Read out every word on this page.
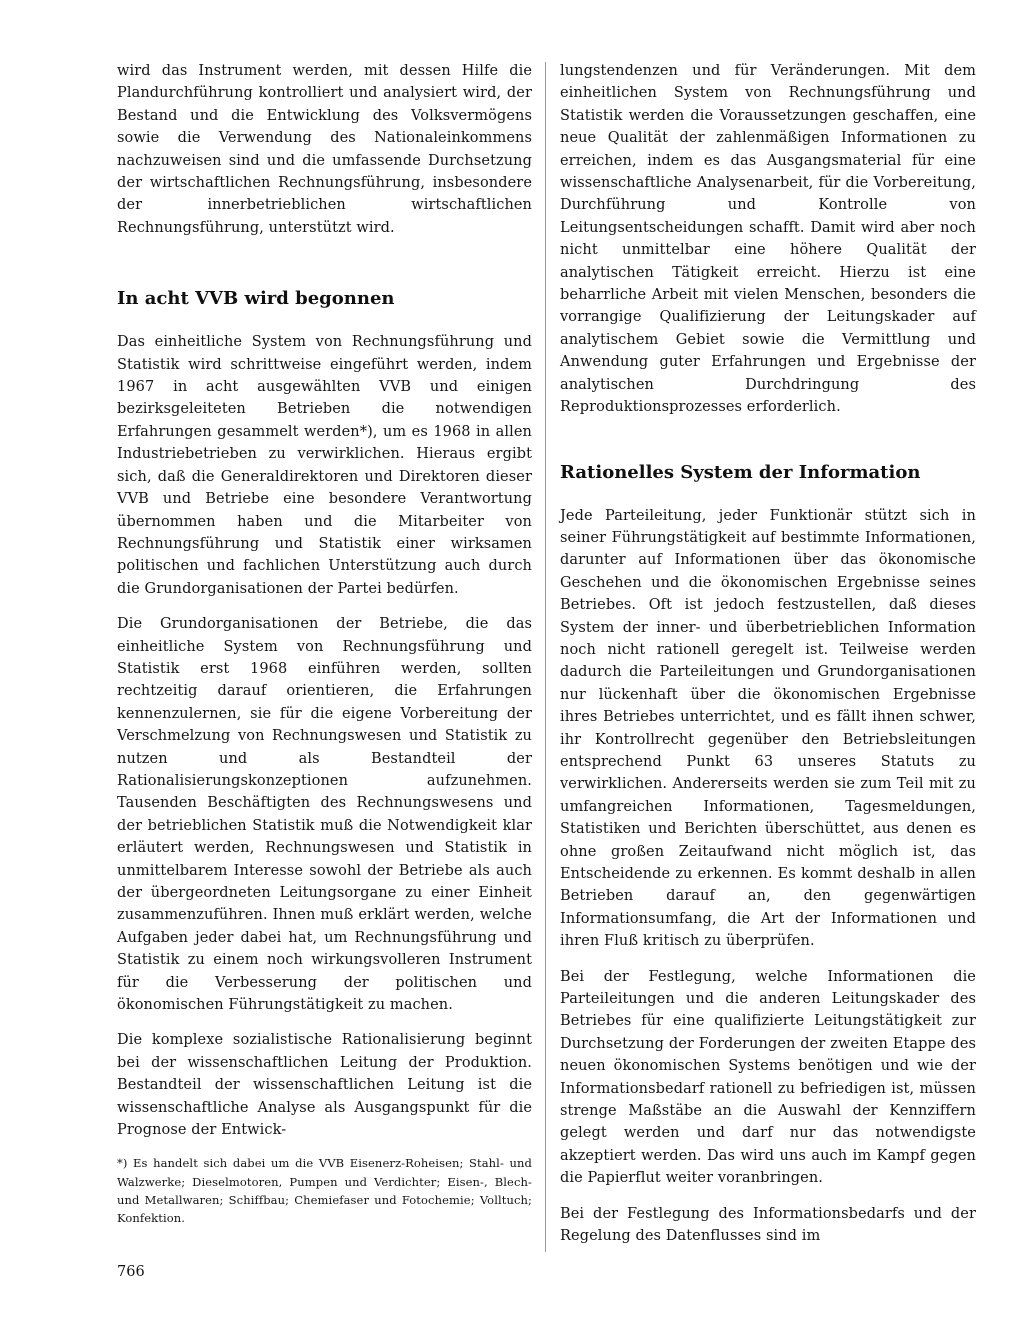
wird das Instrument werden, mit dessen Hilfe die Plandurchführung kontrolliert und analysiert wird, der Bestand und die Entwicklung des Volksvermögens sowie die Verwendung des Nationaleinkommens nachzuweisen sind und die umfassende Durchsetzung der wirtschaftlichen Rechnungsführung, insbesondere der innerbetrieblichen wirtschaftlichen Rechnungsführung, unterstützt wird.

In acht VVB wird begonnen

Das einheitliche System von Rechnungsführung und Statistik wird schrittweise eingeführt werden, indem 1967 in acht ausgewählten VVB und einigen bezirksgeleiteten Betrieben die notwendigen Erfahrungen gesammelt werden*), um es 1968 in allen Industriebetrieben zu verwirklichen. Hieraus ergibt sich, daß die Generaldirektoren und Direktoren dieser VVB und Betriebe eine besondere Verantwortung übernommen haben und die Mitarbeiter von Rechnungsführung und Statistik einer wirksamen politischen und fachlichen Unterstützung auch durch die Grundorganisationen der Partei bedürfen.

Die Grundorganisationen der Betriebe, die das einheitliche System von Rechnungsführung und Statistik erst 1968 einführen werden, sollten rechtzeitig darauf orientieren, die Erfahrungen kennenzulernen, sie für die eigene Vorbereitung der Verschmelzung von Rechnungswesen und Statistik zu nutzen und als Bestandteil der Rationalisierungskonzeptionen aufzunehmen. Tausenden Beschäftigten des Rechnungswesens und der betrieblichen Statistik muß die Notwendigkeit klar erläutert werden, Rechnungswesen und Statistik in unmittelbarem Interesse sowohl der Betriebe als auch der übergeordneten Leitungsorgane zu einer Einheit zusammenzuführen. Ihnen muß erklärt werden, welche Aufgaben jeder dabei hat, um Rechnungsführung und Statistik zu einem noch wirkungsvolleren Instrument für die Verbesserung der politischen und ökonomischen Führungstätigkeit zu machen.

Die komplexe sozialistische Rationalisierung beginnt bei der wissenschaftlichen Leitung der Produktion. Bestandteil der wissenschaftlichen Leitung ist die wissenschaftliche Analyse als Ausgangspunkt für die Prognose der Entwick-

*) Es handelt sich dabei um die VVB Eisenerz-Roheisen; Stahl- und Walzwerke; Dieselmotoren, Pumpen und Verdichter; Eisen-, Blech- und Metallwaren; Schiffbau; Chemiefaser und Fotochemie; Volltuch; Konfektion.

lungstendenzen und für Veränderungen. Mit dem einheitlichen System von Rechnungsführung und Statistik werden die Voraussetzungen geschaffen, eine neue Qualität der zahlenmäßigen Informationen zu erreichen, indem es das Ausgangsmaterial für eine wissenschaftliche Analysenarbeit, für die Vorbereitung, Durchführung und Kontrolle von Leitungsentscheidungen schafft. Damit wird aber noch nicht unmittelbar eine höhere Qualität der analytischen Tätigkeit erreicht. Hierzu ist eine beharrliche Arbeit mit vielen Menschen, besonders die vorrangige Qualifizierung der Leitungskader auf analytischem Gebiet sowie die Vermittlung und Anwendung guter Erfahrungen und Ergebnisse der analytischen Durchdringung des Reproduktionsprozesses erforderlich.

Rationelles System der Information

Jede Parteileitung, jeder Funktionär stützt sich in seiner Führungstätigkeit auf bestimmte Informationen, darunter auf Informationen über das ökonomische Geschehen und die ökonomischen Ergebnisse seines Betriebes. Oft ist jedoch festzustellen, daß dieses System der inner- und überbetrieblichen Information noch nicht rationell geregelt ist. Teilweise werden dadurch die Parteileitungen und Grundorganisationen nur lückenhaft über die ökonomischen Ergebnisse ihres Betriebes unterrichtet, und es fällt ihnen schwer, ihr Kontrollrecht gegenüber den Betriebsleitungen entsprechend Punkt 63 unseres Statuts zu verwirklichen. Andererseits werden sie zum Teil mit zu umfangreichen Informationen, Tagesmeldungen, Statistiken und Berichten überschüttet, aus denen es ohne großen Zeitaufwand nicht möglich ist, das Entscheidende zu erkennen. Es kommt deshalb in allen Betrieben darauf an, den gegenwärtigen Informationsumfang, die Art der Informationen und ihren Fluß kritisch zu überprüfen.

Bei der Festlegung, welche Informationen die Parteileitungen und die anderen Leitungskader des Betriebes für eine qualifizierte Leitungstätigkeit zur Durchsetzung der Forderungen der zweiten Etappe des neuen ökonomischen Systems benötigen und wie der Informationsbedarf rationell zu befriedigen ist, müssen strenge Maßstäbe an die Auswahl der Kennziffern gelegt werden und darf nur das notwendigste akzeptiert werden. Das wird uns auch im Kampf gegen die Papierflut weiter voranbringen.

Bei der Festlegung des Informationsbedarfs und der Regelung des Datenflusses sind im

766
